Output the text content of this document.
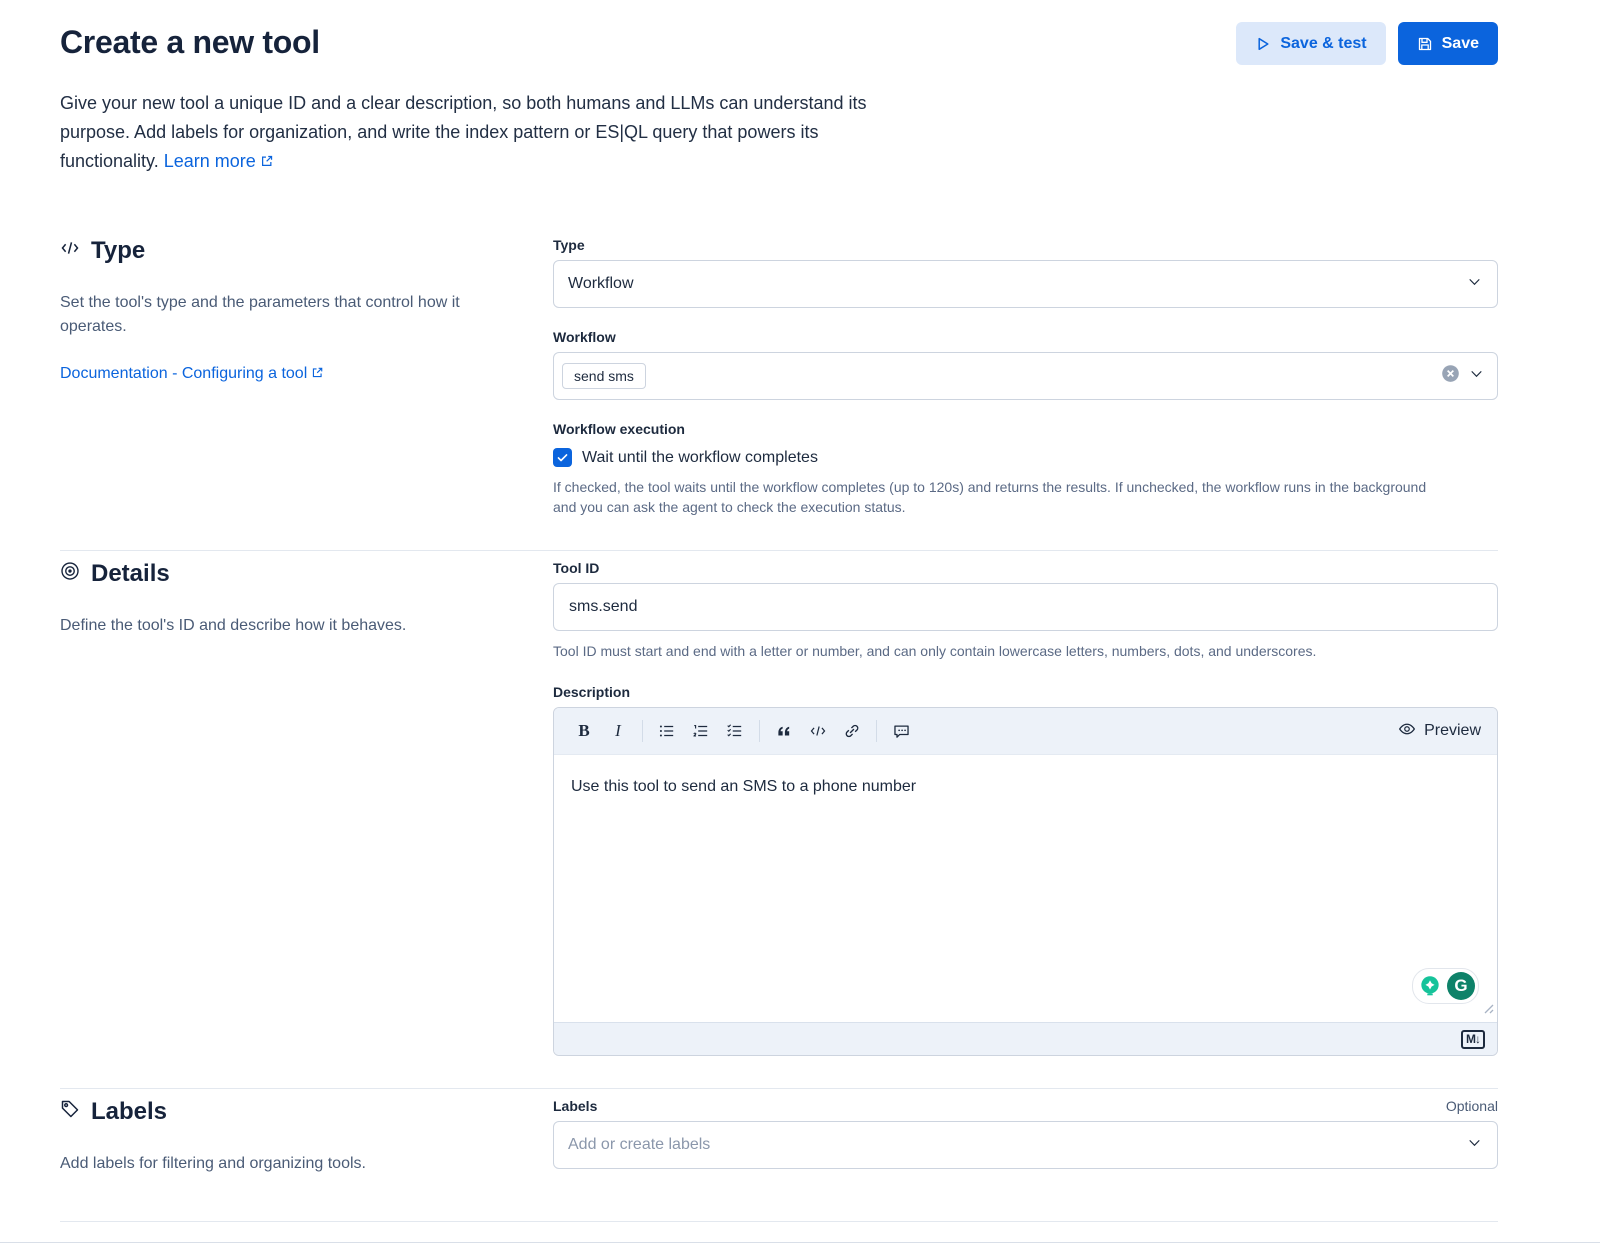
Create a new tool	Save & test	Save

Give your new tool a unique ID and a clear description, so both humans and LLMs can understand its purpose. Add labels for organization, and write the index pattern or ES|QL query that powers its functionality. Learn more

Type

Set the tool's type and the parameters that control how it operates.

Documentation - Configuring a tool
Type
Workflow
Workflow
send sms
Workflow execution
Wait until the workflow completes

If checked, the tool waits until the workflow completes (up to 120s) and returns the results. If unchecked, the workflow runs in the background and you can ask the agent to check the execution status.

Details

Define the tool's ID and describe how it behaves.

Tool ID
sms.send

Tool ID must start and end with a letter or number, and can only contain lowercase letters, numbers, dots, and underscores.

Description
B	I	Preview
Use this tool to send an SMS to a phone number
G
M↓
Labels

Add labels for filtering and organizing tools.

Labels	Optional
Add or create labels
